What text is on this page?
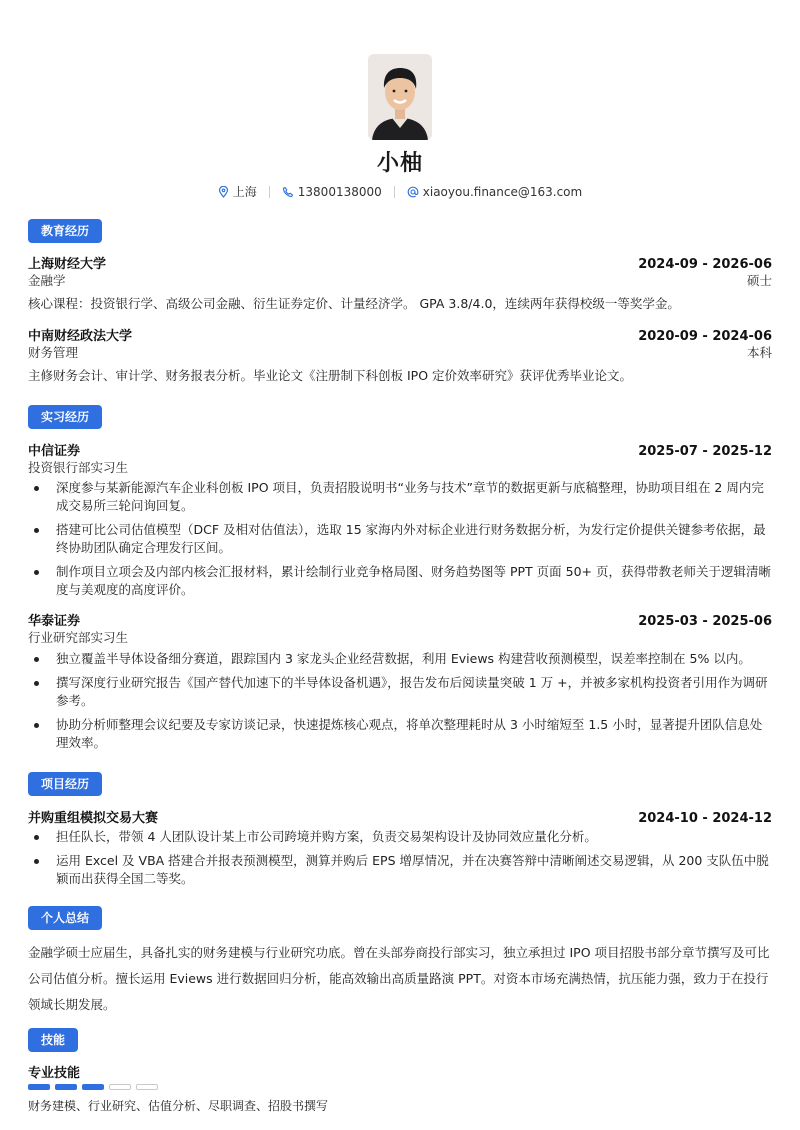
小柚
上海	13800138000	xiaoyou.finance@163.com
教育经历
上海财经大学	2024-09 - 2026-06
金融学	硕士
核心课程：投资银行学、高级公司金融、衍生证券定价、计量经济学。 GPA 3.8/4.0，连续两年获得校级一等奖学金。
中南财经政法大学	2020-09 - 2024-06
财务管理	本科
主修财务会计、审计学、财务报表分析。毕业论文《注册制下科创板 IPO 定价效率研究》获评优秀毕业论文。
实习经历
中信证券	2025-07 - 2025-12
投资银行部实习生
深度参与某新能源汽车企业科创板 IPO 项目，负责招股说明书“业务与技术”章节的数据更新与底稿整理，协助项目组在 2 周内完成交易所三轮问询回复。
搭建可比公司估值模型（DCF 及相对估值法），选取 15 家海内外对标企业进行财务数据分析，为发行定价提供关键参考依据，最终协助团队确定合理发行区间。
制作项目立项会及内部内核会汇报材料，累计绘制行业竞争格局图、财务趋势图等 PPT 页面 50+ 页，获得带教老师关于逻辑清晰度与美观度的高度评价。
华泰证券	2025-03 - 2025-06
行业研究部实习生
独立覆盖半导体设备细分赛道，跟踪国内 3 家龙头企业经营数据，利用 Eviews 构建营收预测模型，误差率控制在 5% 以内。
撰写深度行业研究报告《国产替代加速下的半导体设备机遇》，报告发布后阅读量突破 1 万 +，并被多家机构投资者引用作为调研参考。
协助分析师整理会议纪要及专家访谈记录，快速提炼核心观点，将单次整理耗时从 3 小时缩短至 1.5 小时，显著提升团队信息处理效率。
项目经历
并购重组模拟交易大赛	2024-10 - 2024-12
担任队长，带领 4 人团队设计某上市公司跨境并购方案，负责交易架构设计及协同效应量化分析。
运用 Excel 及 VBA 搭建合并报表预测模型，测算并购后 EPS 增厚情况，并在决赛答辩中清晰阐述交易逻辑，从 200 支队伍中脱颖而出获得全国二等奖。
个人总结
金融学硕士应届生，具备扎实的财务建模与行业研究功底。曾在头部券商投行部实习，独立承担过 IPO 项目招股书部分章节撰写及可比公司估值分析。擅长运用 Eviews 进行数据回归分析，能高效输出高质量路演 PPT。对资本市场充满热情，抗压能力强，致力于在投行领域长期发展。
技能
专业技能
财务建模、行业研究、估值分析、尽职调查、招股书撰写
